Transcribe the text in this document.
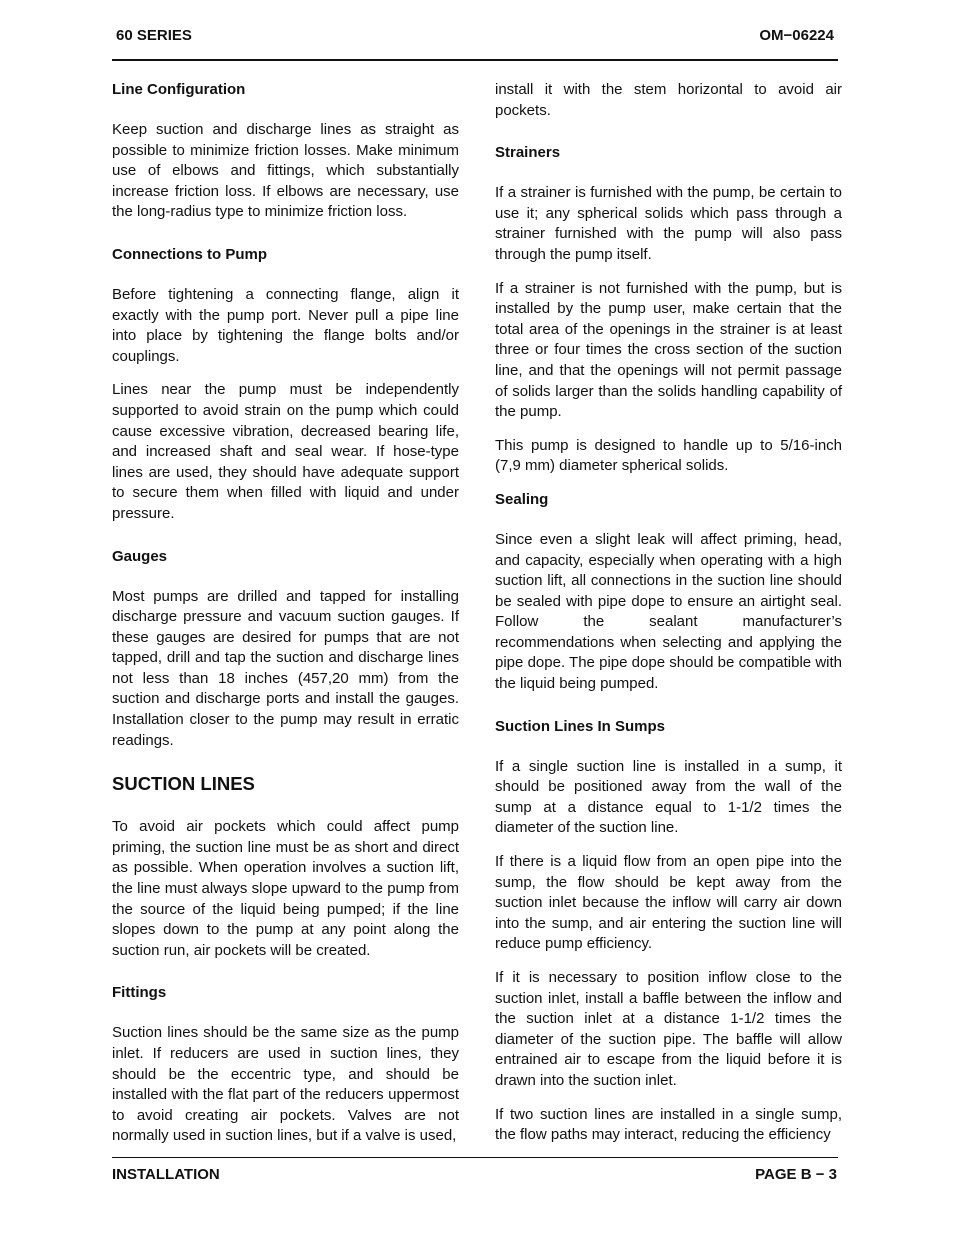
60 SERIES	OM−06224
Line Configuration

Keep suction and discharge lines as straight as possible to minimize friction losses. Make minimum use of elbows and fittings, which substantially increase friction loss. If elbows are necessary, use the long-radius type to minimize friction loss.

Connections to Pump

Before tightening a connecting flange, align it exactly with the pump port. Never pull a pipe line into place by tightening the flange bolts and/or couplings.

Lines near the pump must be independently supported to avoid strain on the pump which could cause excessive vibration, decreased bearing life, and increased shaft and seal wear. If hose-type lines are used, they should have adequate support to secure them when filled with liquid and under pressure.

Gauges

Most pumps are drilled and tapped for installing discharge pressure and vacuum suction gauges. If these gauges are desired for pumps that are not tapped, drill and tap the suction and discharge lines not less than 18 inches (457,20 mm) from the suction and discharge ports and install the gauges. Installation closer to the pump may result in erratic readings.

SUCTION LINES

To avoid air pockets which could affect pump priming, the suction line must be as short and direct as possible. When operation involves a suction lift, the line must always slope upward to the pump from the source of the liquid being pumped; if the line slopes down to the pump at any point along the suction run, air pockets will be created.

Fittings

Suction lines should be the same size as the pump inlet. If reducers are used in suction lines, they should be the eccentric type, and should be installed with the flat part of the reducers uppermost to avoid creating air pockets. Valves are not normally used in suction lines, but if a valve is used,

install it with the stem horizontal to avoid air pockets.

Strainers

If a strainer is furnished with the pump, be certain to use it; any spherical solids which pass through a strainer furnished with the pump will also pass through the pump itself.

If a strainer is not furnished with the pump, but is installed by the pump user, make certain that the total area of the openings in the strainer is at least three or four times the cross section of the suction line, and that the openings will not permit passage of solids larger than the solids handling capability of the pump.

This pump is designed to handle up to 5/16-inch (7,9 mm) diameter spherical solids.

Sealing

Since even a slight leak will affect priming, head, and capacity, especially when operating with a high suction lift, all connections in the suction line should be sealed with pipe dope to ensure an airtight seal. Follow the sealant manufacturer’s recommendations when selecting and applying the pipe dope. The pipe dope should be compatible with the liquid being pumped.

Suction Lines In Sumps

If a single suction line is installed in a sump, it should be positioned away from the wall of the sump at a distance equal to 1-1/2 times the diameter of the suction line.

If there is a liquid flow from an open pipe into the sump, the flow should be kept away from the suction inlet because the inflow will carry air down into the sump, and air entering the suction line will reduce pump efficiency.

If it is necessary to position inflow close to the suction inlet, install a baffle between the inflow and the suction inlet at a distance 1-1/2 times the diameter of the suction pipe. The baffle will allow entrained air to escape from the liquid before it is drawn into the suction inlet.

If two suction lines are installed in a single sump, the flow paths may interact, reducing the efficiency

INSTALLATION	PAGE B − 3
